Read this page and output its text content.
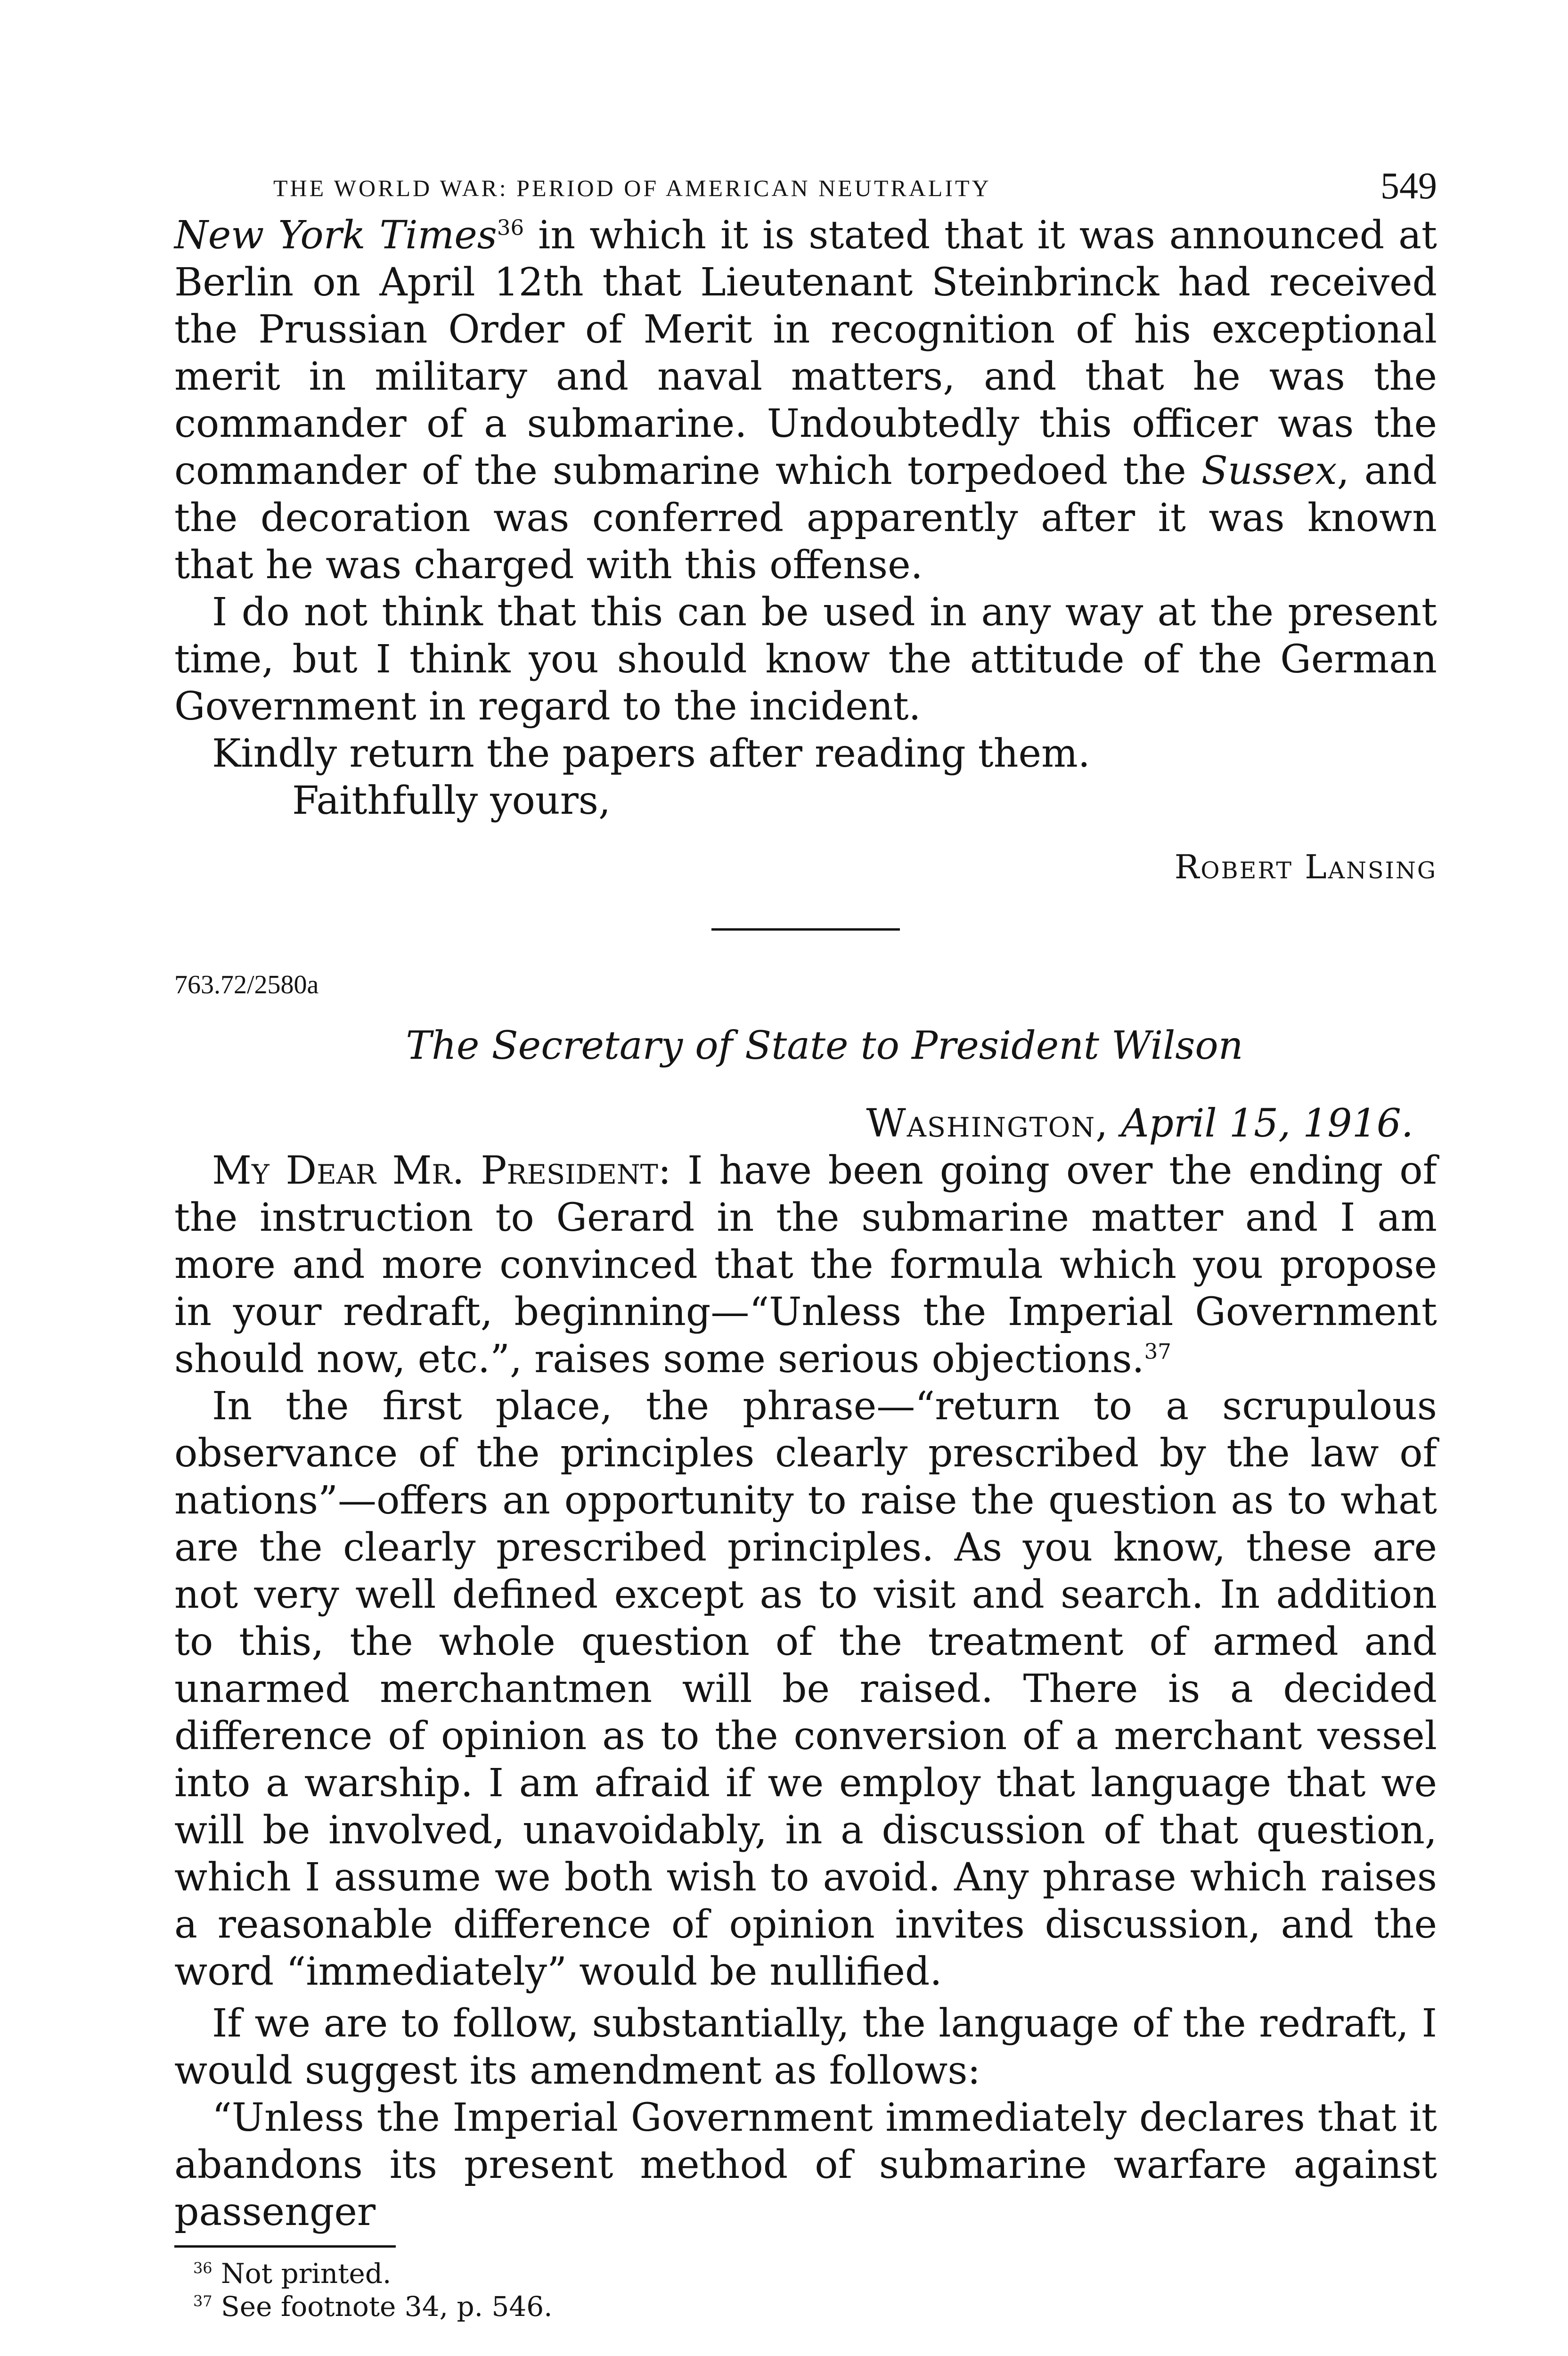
THE WORLD WAR: PERIOD OF AMERICAN NEUTRALITY	549

New York Times$^{36}$ in which it is stated that it was announced at Berlin on April 12th that Lieutenant Steinbrinck had received the Prussian Order of Merit in recognition of his exceptional merit in military and naval matters, and that he was the commander of a submarine. Undoubtedly this officer was the commander of the submarine which torpedoed the Sussex, and the decoration was conferred apparently after it was known that he was charged with this offense.

I do not think that this can be used in any way at the present time, but I think you should know the attitude of the German Government in regard to the incident.

Kindly return the papers after reading them.

Faithfully yours,
Robert Lansing
763.72/2580a
The Secretary of State to President Wilson
Washington, April 15, 1916.

My Dear Mr. President: I have been going over the ending of the instruction to Gerard in the submarine matter and I am more and more convinced that the formula which you propose in your redraft, beginning—“Unless the Imperial Government should now, etc.”, raises some serious objections.$^{37}$

In the first place, the phrase—“return to a scrupulous observance of the principles clearly prescribed by the law of nations”—offers an opportunity to raise the question as to what are the clearly prescribed principles. As you know, these are not very well defined except as to visit and search. In addition to this, the whole question of the treatment of armed and unarmed merchantmen will be raised. There is a decided difference of opinion as to the conversion of a merchant vessel into a warship. I am afraid if we employ that language that we will be involved, unavoidably, in a discussion of that question, which I assume we both wish to avoid. Any phrase which raises a reasonable difference of opinion invites discussion, and the word “immediately” would be nullified.

If we are to follow, substantially, the language of the redraft, I would suggest its amendment as follows:

“Unless the Imperial Government immediately declares that it abandons its present method of submarine warfare against passenger

$^{36}$ Not printed.
$^{37}$ See footnote 34, p. 546.
